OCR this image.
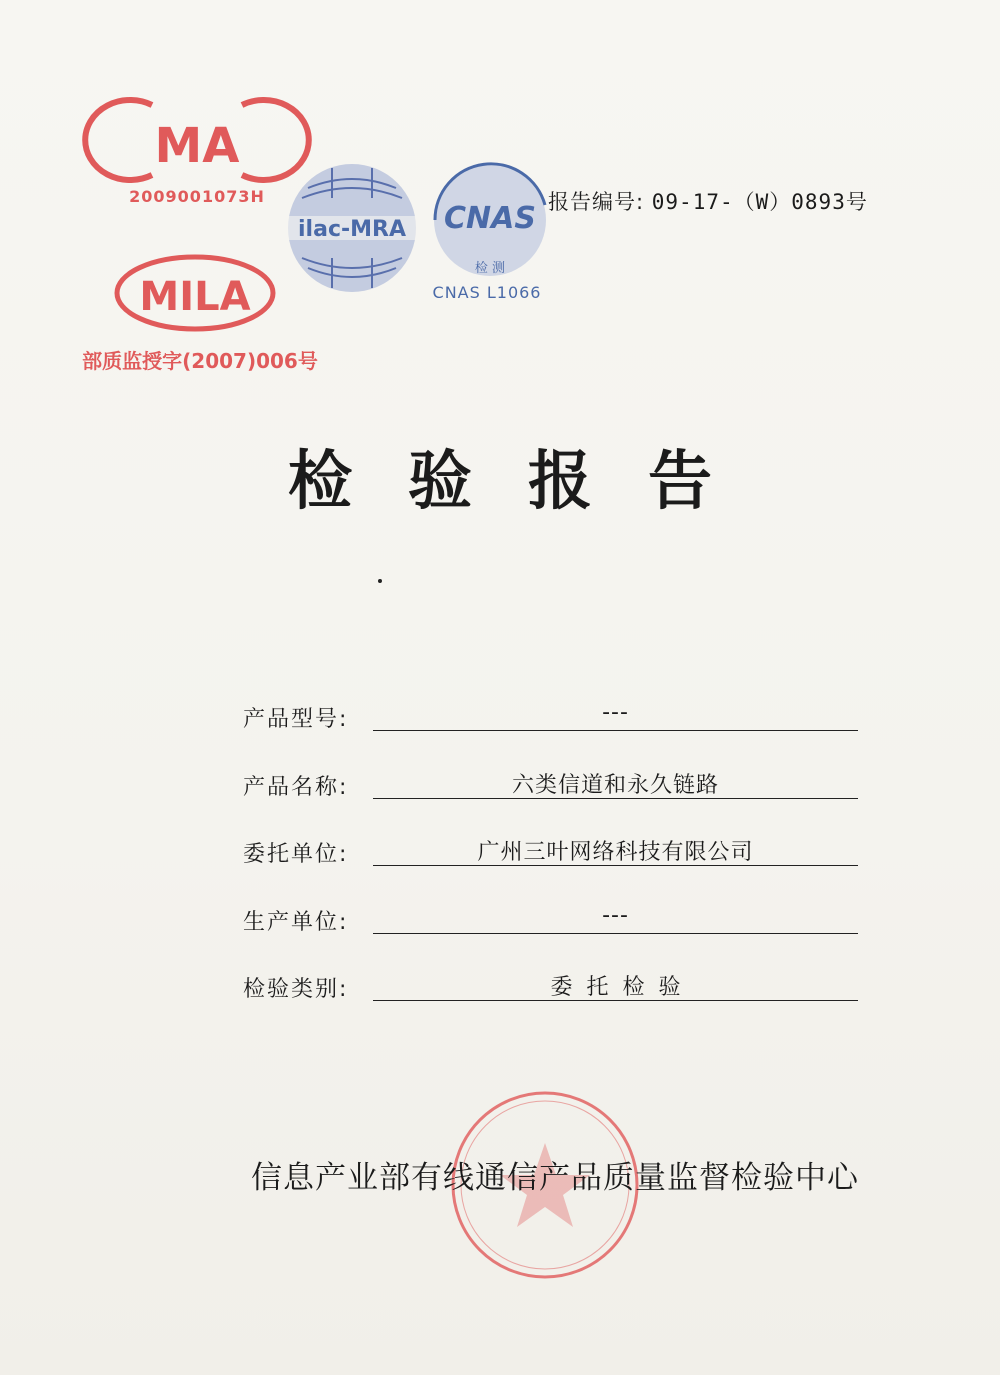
MA
2009001073H
MILA
部质监授字(2007)006号
ilac-MRA CNAS
检 测
CNAS L1066
报告编号: 09-17-（W）0893号
检验报告
产品型号:	---
产品名称:	六类信道和永久链路
委托单位:	广州三叶网络科技有限公司
生产单位:	---
检验类别:	委托检验
信息产业部有线通信产品质量监督检验中心
